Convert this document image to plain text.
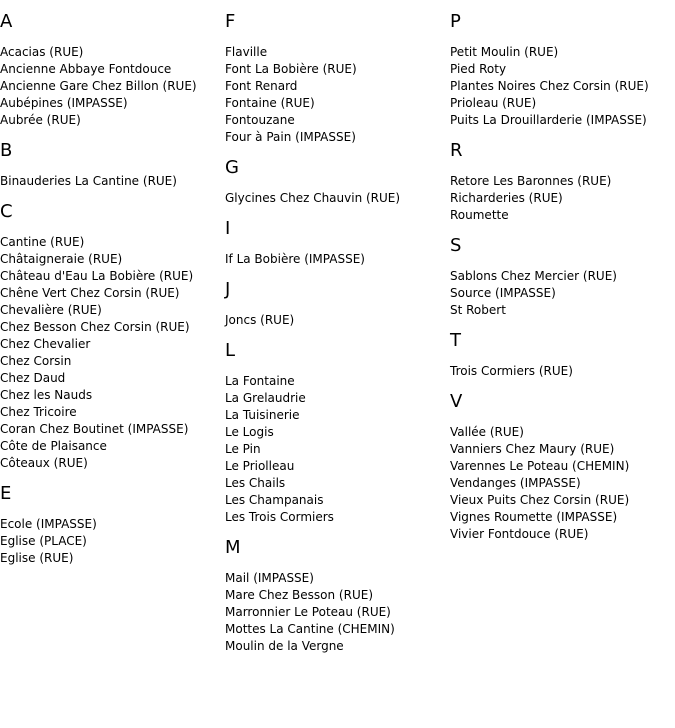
A
Acacias (RUE)
Ancienne Abbaye Fontdouce
Ancienne Gare Chez Billon (RUE)
Aubépines (IMPASSE)
Aubrée (RUE)
B
Binauderies La Cantine (RUE)
C
Cantine (RUE)
Châtaigneraie (RUE)
Château d'Eau La Bobière (RUE)
Chêne Vert Chez Corsin (RUE)
Chevalière (RUE)
Chez Besson Chez Corsin (RUE)
Chez Chevalier
Chez Corsin
Chez Daud
Chez les Nauds
Chez Tricoire
Coran Chez Boutinet (IMPASSE)
Côte de Plaisance
Côteaux (RUE)
E
Ecole (IMPASSE)
Eglise (PLACE)
Eglise (RUE)
F
Flaville
Font La Bobière (RUE)
Font Renard
Fontaine (RUE)
Fontouzane
Four à Pain (IMPASSE)
G
Glycines Chez Chauvin (RUE)
I
If La Bobière (IMPASSE)
J
Joncs (RUE)
L
La Fontaine
La Grelaudrie
La Tuisinerie
Le Logis
Le Pin
Le Priolleau
Les Chails
Les Champanais
Les Trois Cormiers
M
Mail (IMPASSE)
Mare Chez Besson (RUE)
Marronnier Le Poteau (RUE)
Mottes La Cantine (CHEMIN)
Moulin de la Vergne
P
Petit Moulin (RUE)
Pied Roty
Plantes Noires Chez Corsin (RUE)
Prioleau (RUE)
Puits La Drouillarderie (IMPASSE)
R
Retore Les Baronnes (RUE)
Richarderies (RUE)
Roumette
S
Sablons Chez Mercier (RUE)
Source (IMPASSE)
St Robert
T
Trois Cormiers (RUE)
V
Vallée (RUE)
Vanniers Chez Maury (RUE)
Varennes Le Poteau (CHEMIN)
Vendanges (IMPASSE)
Vieux Puits Chez Corsin (RUE)
Vignes Roumette (IMPASSE)
Vivier Fontdouce (RUE)
